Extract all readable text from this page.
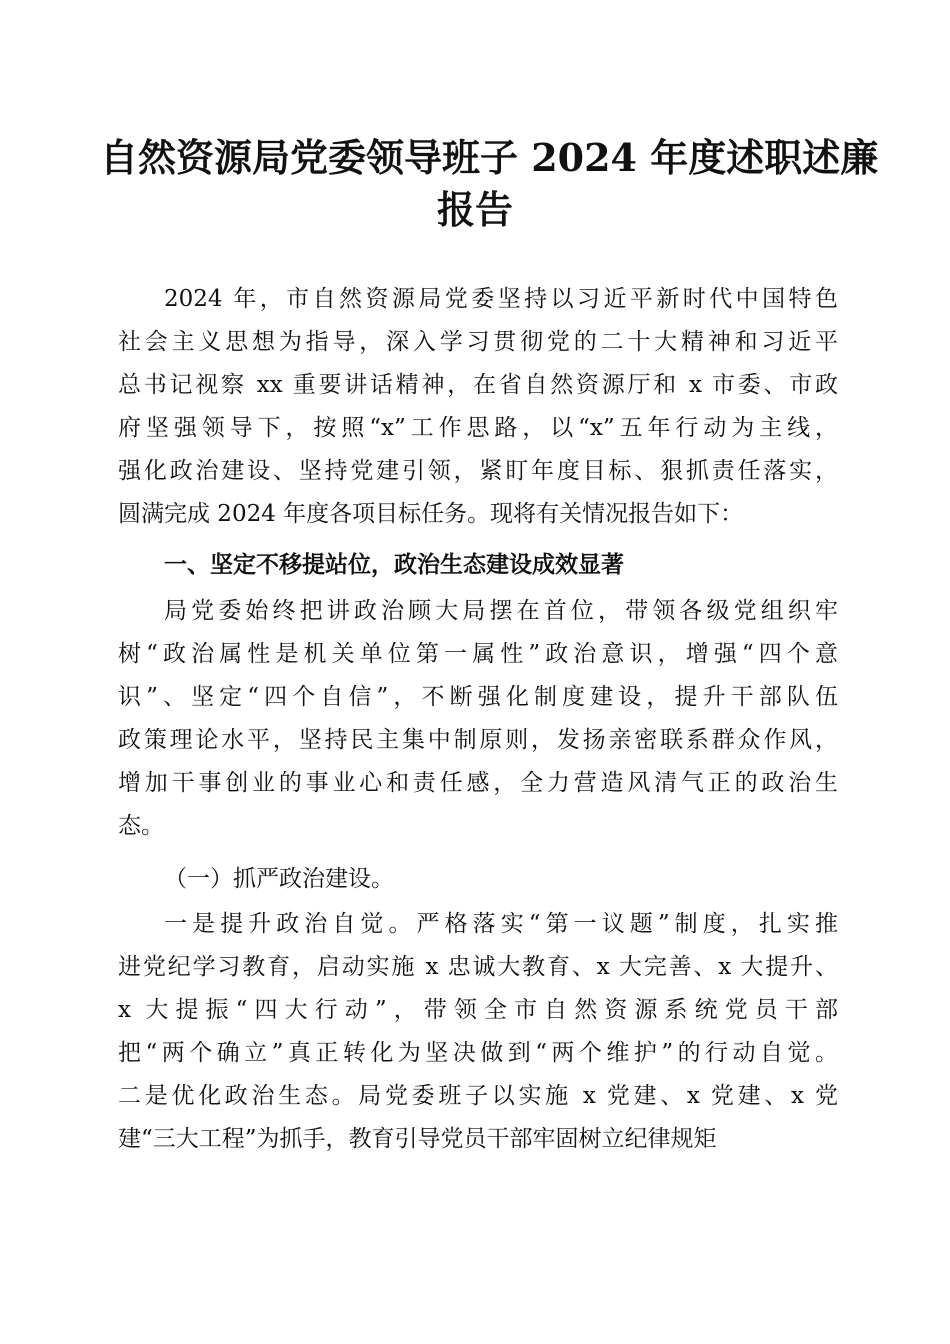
自然资源局党委领导班子 2024 年度述职述廉
报告
2024 年，市自然资源局党委坚持以习近平新时代中国特色
社会主义思想为指导，深入学习贯彻党的二十大精神和习近平
总书记视察 xx 重要讲话精神，在省自然资源厅和 x 市委、市政
府坚强领导下，按照“x”工作思路，以“x”五年行动为主线，
强化政治建设、坚持党建引领，紧盯年度目标、狠抓责任落实，
圆满完成 2024 年度各项目标任务。现将有关情况报告如下：
一、坚定不移提站位，政治生态建设成效显著
局党委始终把讲政治顾大局摆在首位，带领各级党组织牢
树“政治属性是机关单位第一属性”政治意识，增强“四个意
识”、坚定“四个自信”，不断强化制度建设，提升干部队伍
政策理论水平，坚持民主集中制原则，发扬亲密联系群众作风，
增加干事创业的事业心和责任感，全力营造风清气正的政治生
态。
（一）抓严政治建设。
一是提升政治自觉。严格落实“第一议题”制度，扎实推
进党纪学习教育，启动实施 x 忠诚大教育、x 大完善、x 大提升、
x 大提振“四大行动”，带领全市自然资源系统党员干部
把“两个确立”真正转化为坚决做到“两个维护”的行动自觉。
二是优化政治生态。局党委班子以实施 x 党建、x 党建、x 党
建“三大工程”为抓手，教育引导党员干部牢固树立纪律规矩
